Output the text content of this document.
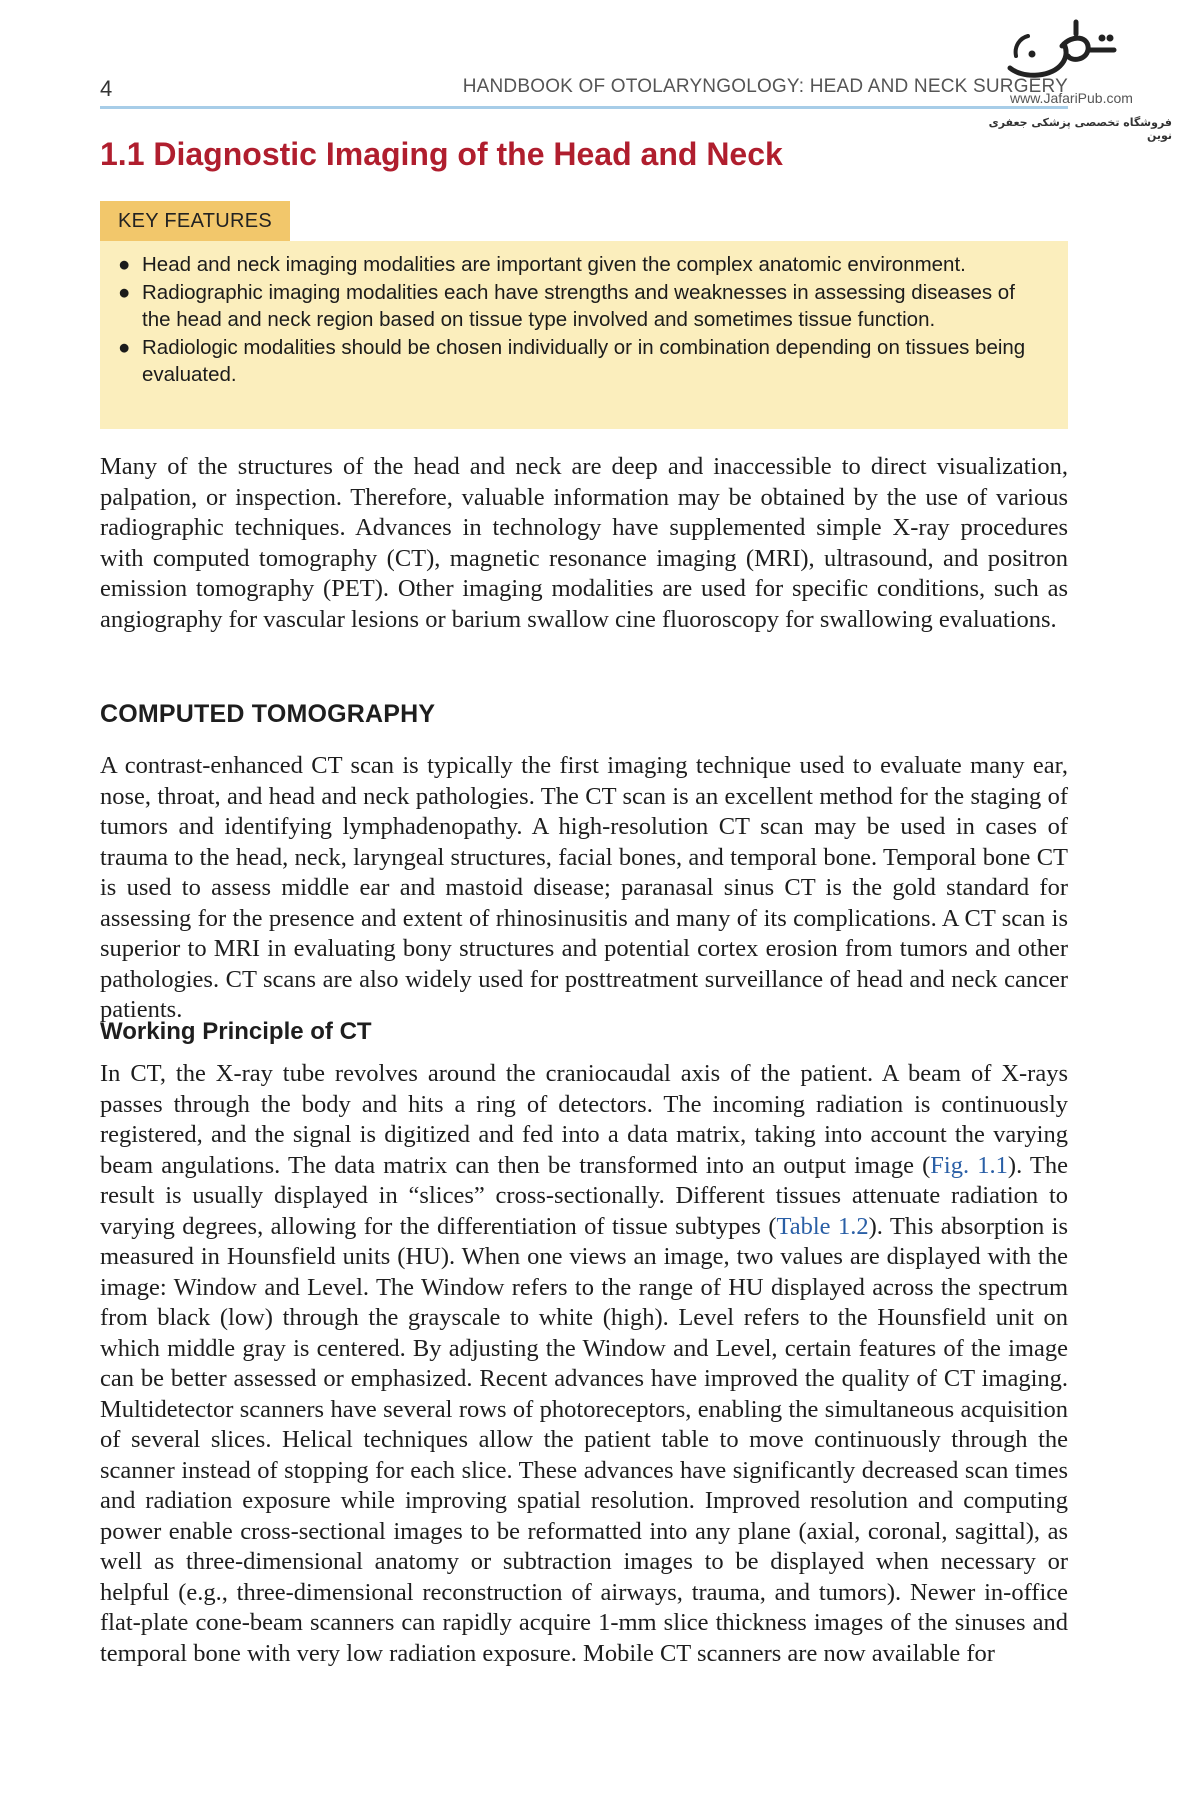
4	HANDBOOK OF OTOLARYNGOLOGY: HEAD AND NECK SURGERY
www.JafariPub.com
فروشگاه تخصصی پزشکی جعفری نوین
1.1 Diagnostic Imaging of the Head and Neck
KEY FEATURES
● Head and neck imaging modalities are important given the complex anatomic environment.
● Radiographic imaging modalities each have strengths and weaknesses in assessing diseases of the head and neck region based on tissue type involved and sometimes tissue function.
● Radiologic modalities should be chosen individually or in combination depending on tissues being evaluated.

Many of the structures of the head and neck are deep and inaccessible to direct visualization, palpation, or inspection. Therefore, valuable information may be obtained by the use of various radiographic techniques. Advances in technology have supplemented simple X-ray procedures with computed tomography (CT), magnetic resonance imaging (MRI), ultrasound, and positron emission tomography (PET). Other imaging modalities are used for specific conditions, such as angiography for vascular lesions or barium swallow cine fluoroscopy for swallowing evaluations.

COMPUTED TOMOGRAPHY

A contrast-enhanced CT scan is typically the first imaging technique used to evaluate many ear, nose, throat, and head and neck pathologies. The CT scan is an excellent method for the staging of tumors and identifying lymphadenopathy. A high-resolution CT scan may be used in cases of trauma to the head, neck, laryngeal structures, facial bones, and temporal bone. Temporal bone CT is used to assess middle ear and mastoid disease; paranasal sinus CT is the gold standard for assessing for the presence and extent of rhinosinusitis and many of its complications. A CT scan is superior to MRI in evaluating bony structures and potential cortex erosion from tumors and other pathologies. CT scans are also widely used for posttreatment surveillance of head and neck cancer patients.

Working Principle of CT

In CT, the X-ray tube revolves around the craniocaudal axis of the patient. A beam of X-rays passes through the body and hits a ring of detectors. The incoming radiation is continuously registered, and the signal is digitized and fed into a data matrix, taking into account the varying beam angulations. The data matrix can then be transformed into an output image (Fig. 1.1). The result is usually displayed in “slices” cross-sectionally. Different tissues attenuate radiation to varying degrees, allowing for the differentiation of tissue subtypes (Table 1.2). This absorption is measured in Hounsfield units (HU). When one views an image, two values are displayed with the image: Window and Level. The Window refers to the range of HU displayed across the spectrum from black (low) through the grayscale to white (high). Level refers to the Hounsfield unit on which middle gray is centered. By adjusting the Window and Level, certain features of the image can be better assessed or emphasized. Recent advances have improved the quality of CT imaging. Multidetector scanners have several rows of photoreceptors, enabling the simultaneous acquisition of several slices. Helical techniques allow the patient table to move continuously through the scanner instead of stopping for each slice. These advances have significantly decreased scan times and radiation exposure while improving spatial resolution. Improved resolution and computing power enable cross-sectional images to be reformatted into any plane (axial, coronal, sagittal), as well as three-dimensional anatomy or subtraction images to be displayed when necessary or helpful (e.g., three-dimensional reconstruction of airways, trauma, and tumors). Newer in-office flat-plate cone-beam scanners can rapidly acquire 1-mm slice thickness images of the sinuses and temporal bone with very low radiation exposure. Mobile CT scanners are now available for
